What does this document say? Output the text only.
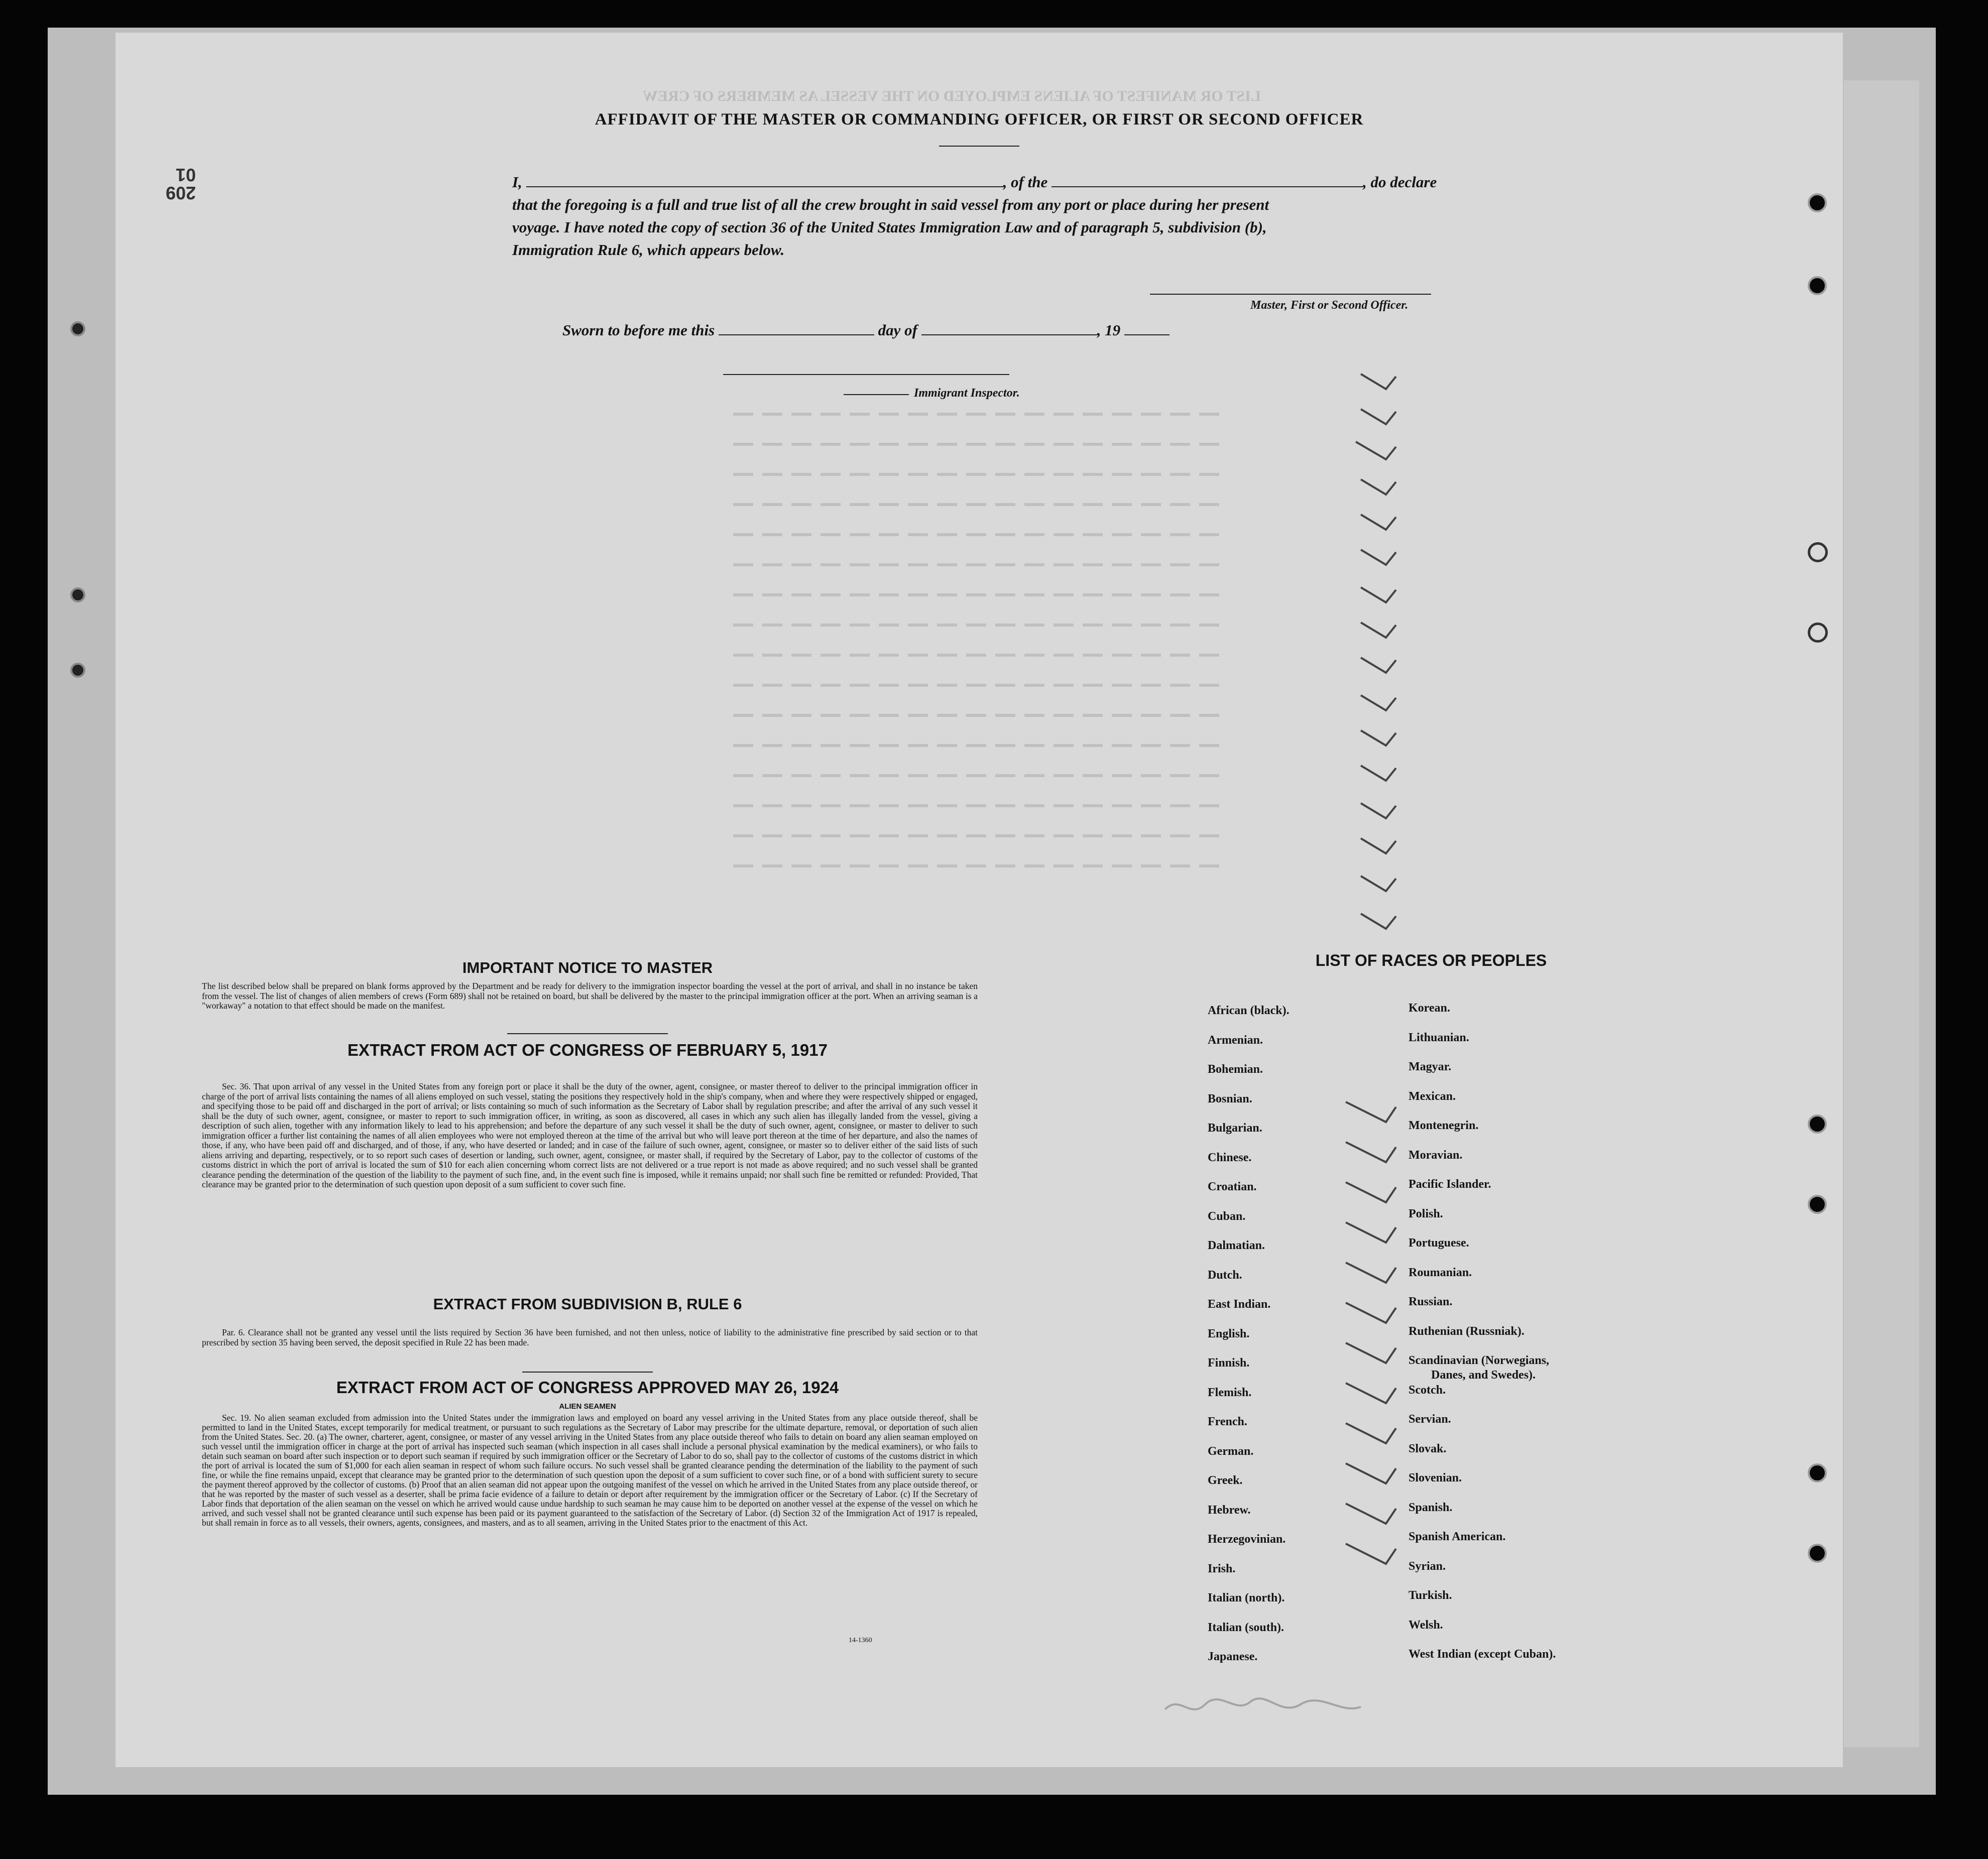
LIST OR MANIFEST OF ALIENS EMPLOYED ON THE VESSEL AS MEMBERS OF CREW
209 01
AFFIDAVIT OF THE MASTER OR COMMANDING OFFICER, OR FIRST OR SECOND OFFICER
I,	, of the	, do declare
that the foregoing is a full and true list of all the crew brought in said vessel from any port or place during her present
voyage. I have noted the copy of section 36 of the United States Immigration Law and of paragraph 5, subdivision (b),
Immigration Rule 6, which appears below.
Master, First or Second Officer.
Sworn to before me this	day of	, 19
Immigrant Inspector.
IMPORTANT NOTICE TO MASTER
The list described below shall be prepared on blank forms approved by the Department and be ready for delivery to the immigration inspector boarding the vessel at the port of arrival, and shall in no instance be taken from the vessel. The list of changes of alien members of crews (Form 689) shall not be retained on board, but shall be delivered by the master to the principal immigration officer at the port. When an arriving seaman is a "workaway" a notation to that effect should be made on the manifest.
EXTRACT FROM ACT OF CONGRESS OF FEBRUARY 5, 1917
Sec. 36. That upon arrival of any vessel in the United States from any foreign port or place it shall be the duty of the owner, agent, consignee, or master thereof to deliver to the principal immigration officer in charge of the port of arrival lists containing the names of all aliens employed on such vessel, stating the positions they respectively hold in the ship's company, when and where they were respectively shipped or engaged, and specifying those to be paid off and discharged in the port of arrival; or lists containing so much of such information as the Secretary of Labor shall by regulation prescribe; and after the arrival of any such vessel it shall be the duty of such owner, agent, consignee, or master to report to such immigration officer, in writing, as soon as discovered, all cases in which any such alien has illegally landed from the vessel, giving a description of such alien, together with any information likely to lead to his apprehension; and before the departure of any such vessel it shall be the duty of such owner, agent, consignee, or master to deliver to such immigration officer a further list containing the names of all alien employees who were not employed thereon at the time of the arrival but who will leave port thereon at the time of her departure, and also the names of those, if any, who have been paid off and discharged, and of those, if any, who have deserted or landed; and in case of the failure of such owner, agent, consignee, or master so to deliver either of the said lists of such aliens arriving and departing, respectively, or to so report such cases of desertion or landing, such owner, agent, consignee, or master shall, if required by the Secretary of Labor, pay to the collector of customs of the customs district in which the port of arrival is located the sum of $10 for each alien concerning whom correct lists are not delivered or a true report is not made as above required; and no such vessel shall be granted clearance pending the determination of the question of the liability to the payment of such fine, and, in the event such fine is imposed, while it remains unpaid; nor shall such fine be remitted or refunded: Provided, That clearance may be granted prior to the determination of such question upon deposit of a sum sufficient to cover such fine.
EXTRACT FROM SUBDIVISION B, RULE 6
Par. 6. Clearance shall not be granted any vessel until the lists required by Section 36 have been furnished, and not then unless, notice of liability to the administrative fine prescribed by said section or to that prescribed by section 35 having been served, the deposit specified in Rule 22 has been made.
EXTRACT FROM ACT OF CONGRESS APPROVED MAY 26, 1924
ALIEN SEAMEN
Sec. 19. No alien seaman excluded from admission into the United States under the immigration laws and employed on board any vessel arriving in the United States from any place outside thereof, shall be permitted to land in the United States, except temporarily for medical treatment, or pursuant to such regulations as the Secretary of Labor may prescribe for the ultimate departure, removal, or deportation of such alien from the United States. Sec. 20. (a) The owner, charterer, agent, consignee, or master of any vessel arriving in the United States from any place outside thereof who fails to detain on board any alien seaman employed on such vessel until the immigration officer in charge at the port of arrival has inspected such seaman (which inspection in all cases shall include a personal physical examination by the medical examiners), or who fails to detain such seaman on board after such inspection or to deport such seaman if required by such immigration officer or the Secretary of Labor to do so, shall pay to the collector of customs of the customs district in which the port of arrival is located the sum of $1,000 for each alien seaman in respect of whom such failure occurs. No such vessel shall be granted clearance pending the determination of the liability to the payment of such fine, or while the fine remains unpaid, except that clearance may be granted prior to the determination of such question upon the deposit of a sum sufficient to cover such fine, or of a bond with sufficient surety to secure the payment thereof approved by the collector of customs. (b) Proof that an alien seaman did not appear upon the outgoing manifest of the vessel on which he arrived in the United States from any place outside thereof, or that he was reported by the master of such vessel as a deserter, shall be prima facie evidence of a failure to detain or deport after requirement by the immigration officer or the Secretary of Labor. (c) If the Secretary of Labor finds that deportation of the alien seaman on the vessel on which he arrived would cause undue hardship to such seaman he may cause him to be deported on another vessel at the expense of the vessel on which he arrived, and such vessel shall not be granted clearance until such expense has been paid or its payment guaranteed to the satisfaction of the Secretary of Labor. (d) Section 32 of the Immigration Act of 1917 is repealed, but shall remain in force as to all vessels, their owners, agents, consignees, and masters, and as to all seamen, arriving in the United States prior to the enactment of this Act.
14-1360
LIST OF RACES OR PEOPLES
African (black).
Armenian.
Bohemian.
Bosnian.
Bulgarian.
Chinese.
Croatian.
Cuban.
Dalmatian.
Dutch.
East Indian.
English.
Finnish.
Flemish.
French.
German.
Greek.
Hebrew.
Herzegovinian.
Irish.
Italian (north).
Italian (south).
Japanese.
Korean.
Lithuanian.
Magyar.
Mexican.
Montenegrin.
Moravian.
Pacific Islander.
Polish.
Portuguese.
Roumanian.
Russian.
Ruthenian (Russniak).
Scandinavian (Norwegians,
Danes, and Swedes).
Scotch.
Servian.
Slovak.
Slovenian.
Spanish.
Spanish American.
Syrian.
Turkish.
Welsh.
West Indian (except Cuban).
